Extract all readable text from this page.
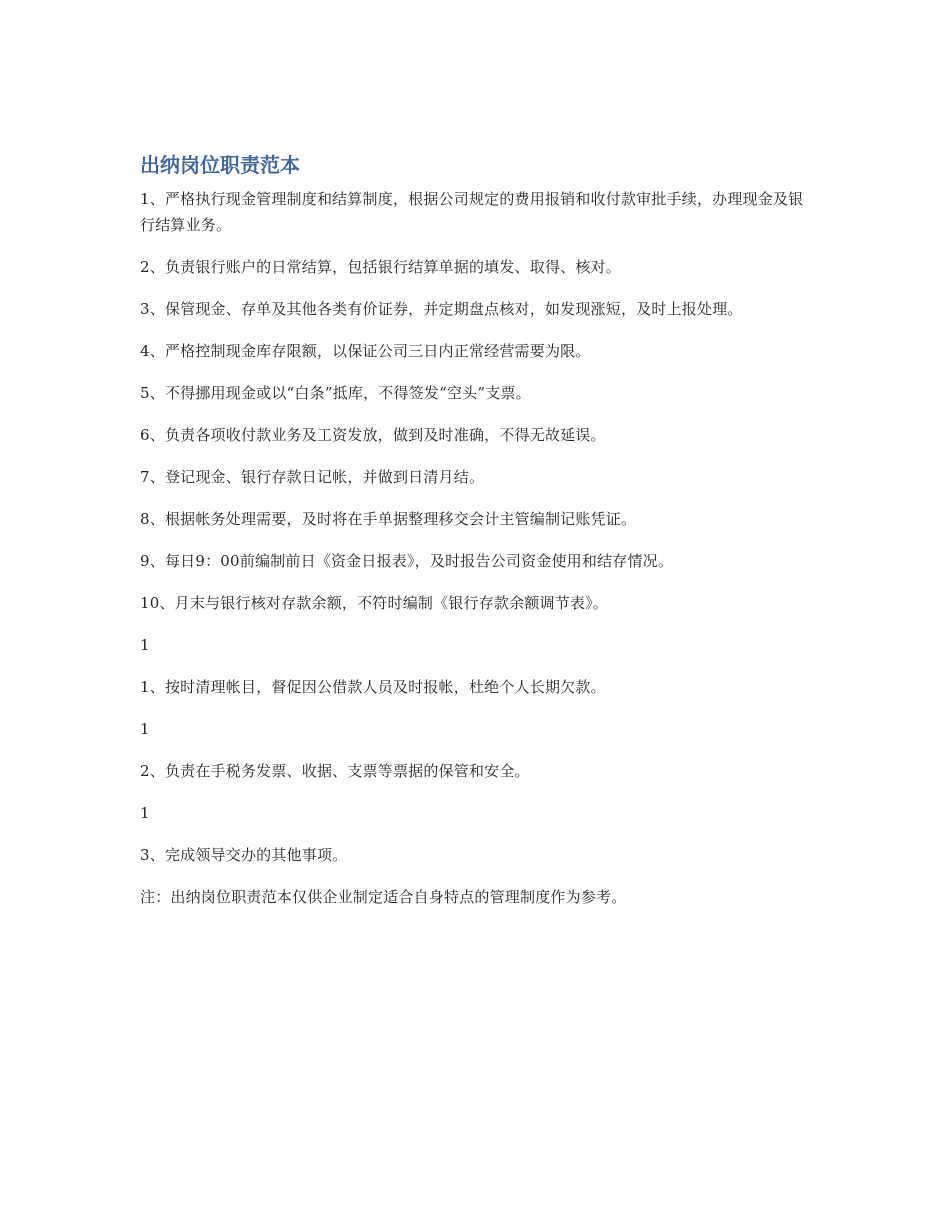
出纳岗位职责范本

1、严格执行现金管理制度和结算制度，根据公司规定的费用报销和收付款审批手续，办理现金及银行结算业务。

2、负责银行账户的日常结算，包括银行结算单据的填发、取得、核对。

3、保管现金、存单及其他各类有价证券，并定期盘点核对，如发现涨短，及时上报处理。

4、严格控制现金库存限额，以保证公司三日内正常经营需要为限。

5、不得挪用现金或以“白条”抵库，不得签发“空头”支票。

6、负责各项收付款业务及工资发放，做到及时准确，不得无故延误。

7、登记现金、银行存款日记帐，并做到日清月结。

8、根据帐务处理需要，及时将在手单据整理移交会计主管编制记账凭证。

9、每日9：00前编制前日《资金日报表》，及时报告公司资金使用和结存情况。

10、月末与银行核对存款余额，不符时编制《银行存款余额调节表》。

1

1、按时清理帐目，督促因公借款人员及时报帐，杜绝个人长期欠款。

1

2、负责在手税务发票、收据、支票等票据的保管和安全。

1

3、完成领导交办的其他事项。

注：出纳岗位职责范本仅供企业制定适合自身特点的管理制度作为参考。
